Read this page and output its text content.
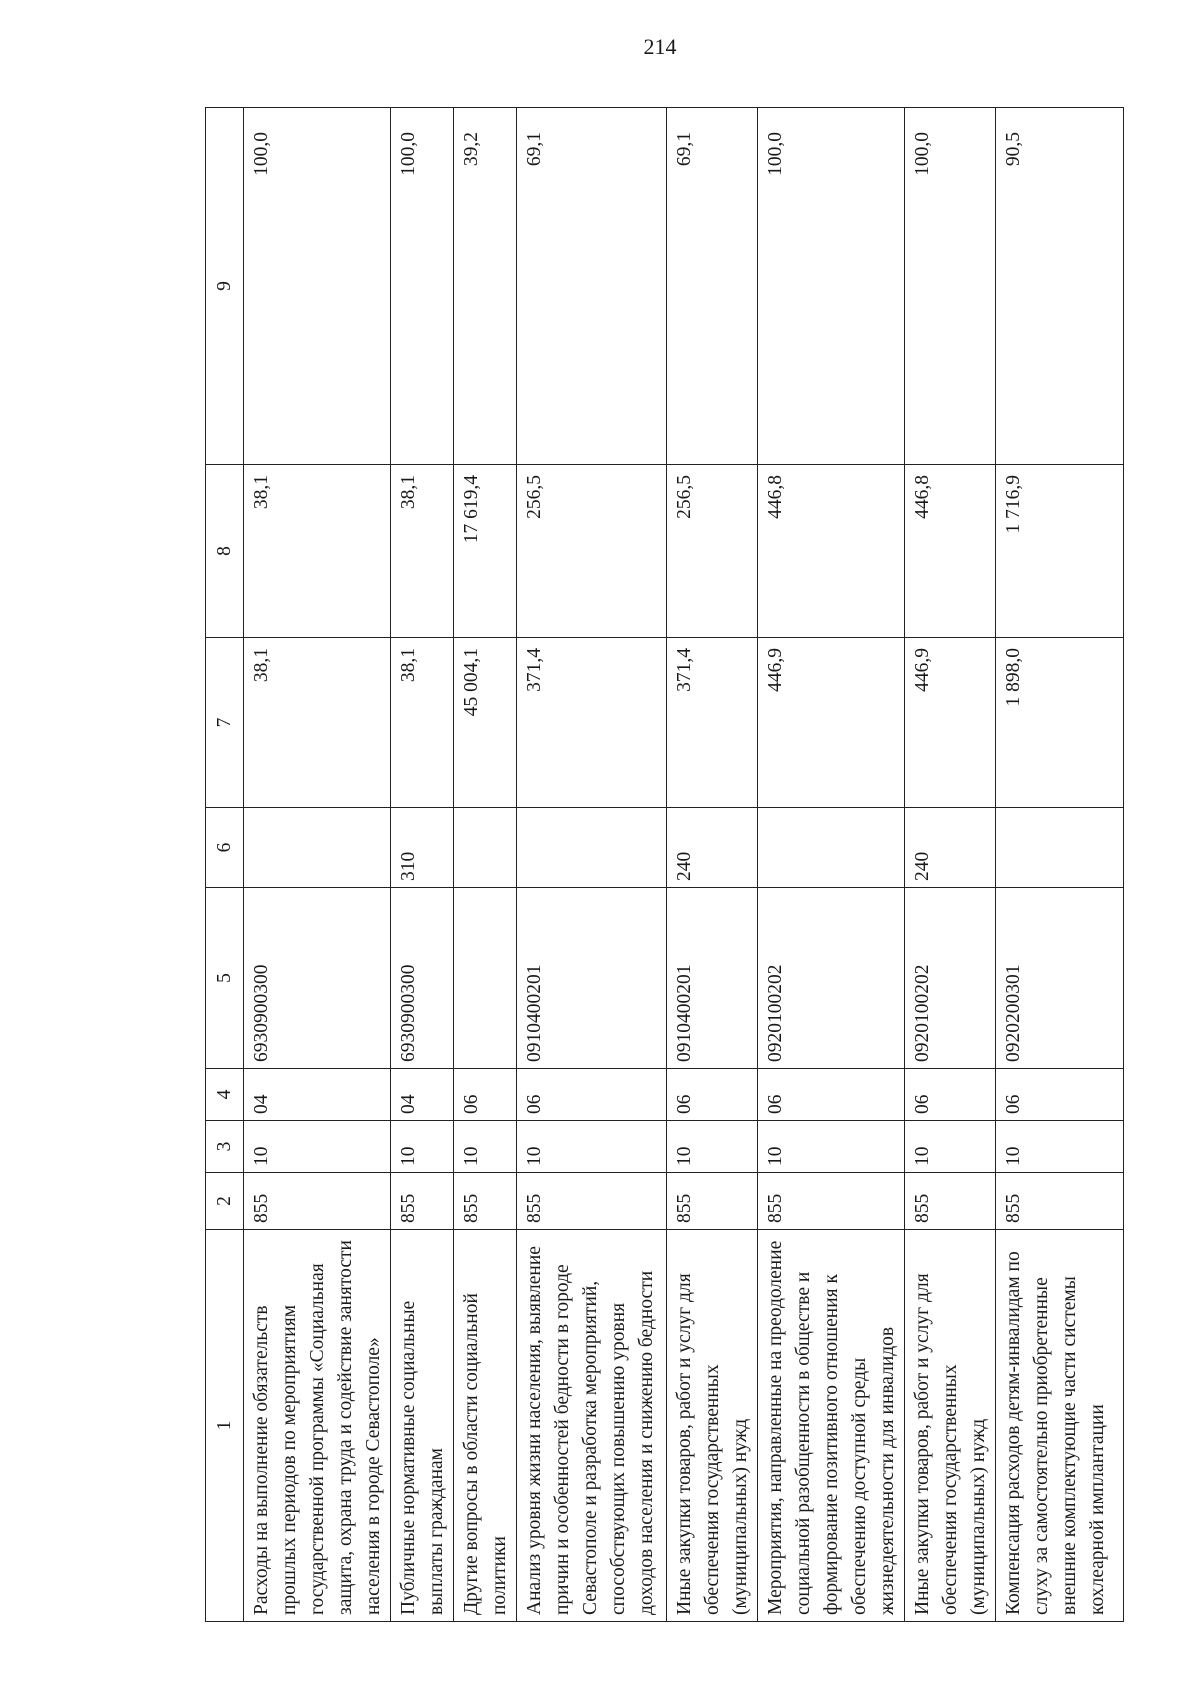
214
1	2	3	4	5	6	7	8	9
Расходы на выполнение обязательств прошлых периодов по мероприятиям государственной программы «Социальная защита, охрана труда и содействие занятости населения в городе Севастополе»	855	10	04	6930900300		38,1	38,1	100,0
Публичные нормативные социальные выплаты гражданам	855	10	04	6930900300	310	38,1	38,1	100,0
Другие вопросы в области социальной политики	855	10	06			45 004,1	17 619,4	39,2
Анализ уровня жизни населения, выявление причин и особенностей бедности в городе Севастополе и разработка мероприятий, способствующих повышению уровня доходов населения и снижению бедности	855	10	06	0910400201		371,4	256,5	69,1
Иные закупки товаров, работ и услуг для обеспечения государственных (муниципальных) нужд	855	10	06	0910400201	240	371,4	256,5	69,1
Мероприятия, направленные на преодоление социальной разобщенности в обществе и формирование позитивного отношения к обеспечению доступной среды жизнедеятельности для инвалидов	855	10	06	0920100202		446,9	446,8	100,0
Иные закупки товаров, работ и услуг для обеспечения государственных (муниципальных) нужд	855	10	06	0920100202	240	446,9	446,8	100,0
Компенсация расходов детям-инвалидам по слуху за самостоятельно приобретенные внешние комплектующие части системы кохлеарной имплантации	855	10	06	0920200301		1 898,0	1 716,9	90,5
